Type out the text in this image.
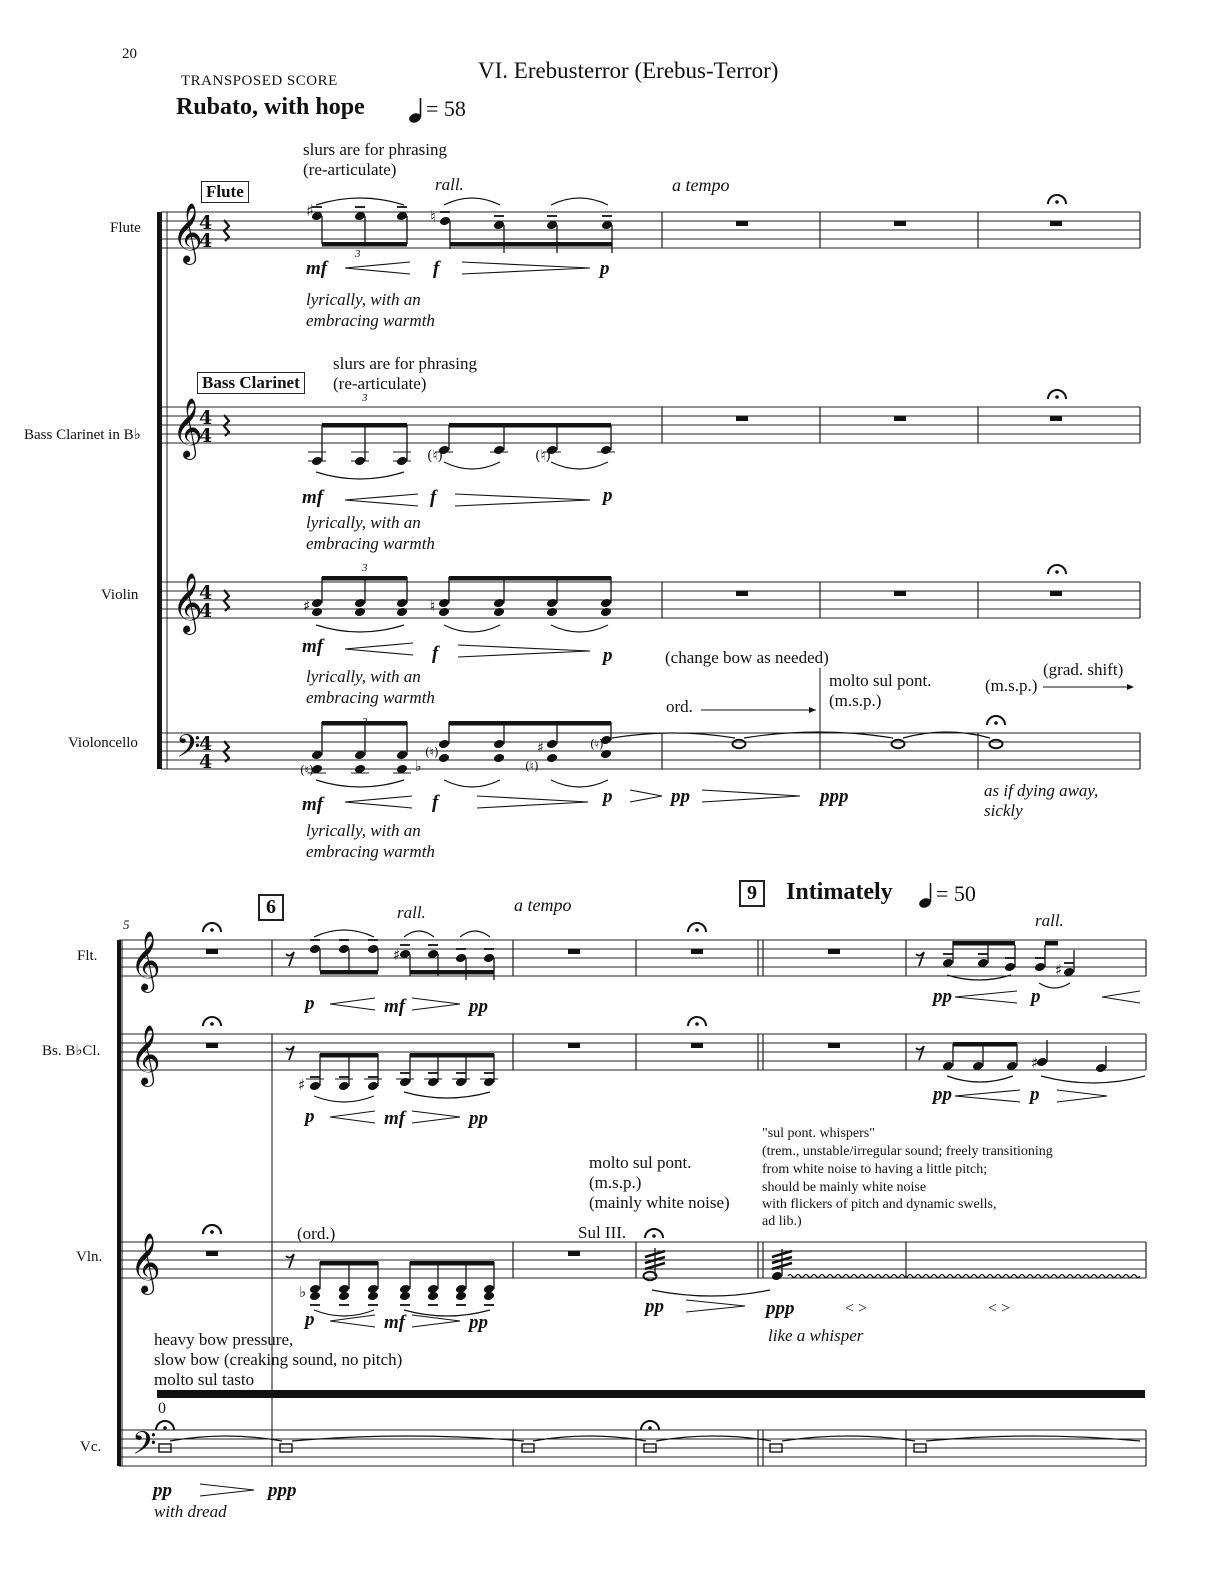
20
TRANSPOSED SCORE	VI. Erebusterror (Erebus-Terror)
Rubato, with hope	= 58
Flute
Bass Clarinet in B♭
Violin
Violoncello
Flute
Bass Clarinet
slurs are for phrasing
(re-articulate)
rall.	a tempo
lyrically, with an
embracing warmth
slurs are for phrasing
(re-articulate)
lyrically, with an
embracing warmth
lyrically, with an
embracing warmth
(change bow as needed)
ord.
molto sul pont.
(m.s.p.)
(m.s.p.)
(grad. shift)
lyrically, with an
embracing warmth
as if dying away,
sickly
3
3
3
mf	f	p
mf	f	p
mf	f	p
mf	f	p	pp	ppp
5
6
9	Intimately = 50
rall.	a tempo
rall.
Flt.
Bs. B♭Cl.
Vln.
Vc.
molto sul pont.
(m.s.p.)
(mainly white noise)
Sul III.
(ord.)
"sul pont. whispers"
(trem., unstable/irregular sound; freely transitioning
from white noise to having a little pitch;
should be mainly white noise
with flickers of pitch and dynamic swells,
ad lib.)
like a whisper
< >	< >
heavy bow pressure,
slow bow (creaking sound, no pitch)
molto sul tasto
0
with dread
p	mf	pp	pp	p
p	mf	pp
pp	p
p	mf	pp
pp	ppp
pp	ppp
𝄞
4
4
𝄞
4
4
𝄞
4
4
𝄢
4
4
♯	♮
(♮)	(♮)
♯	♮
(♮)	♭
(♮)	♯
(♮)
(♮)
𝄞
𝄞
𝄞
𝄢
♯
♯
♯
♯
♭
